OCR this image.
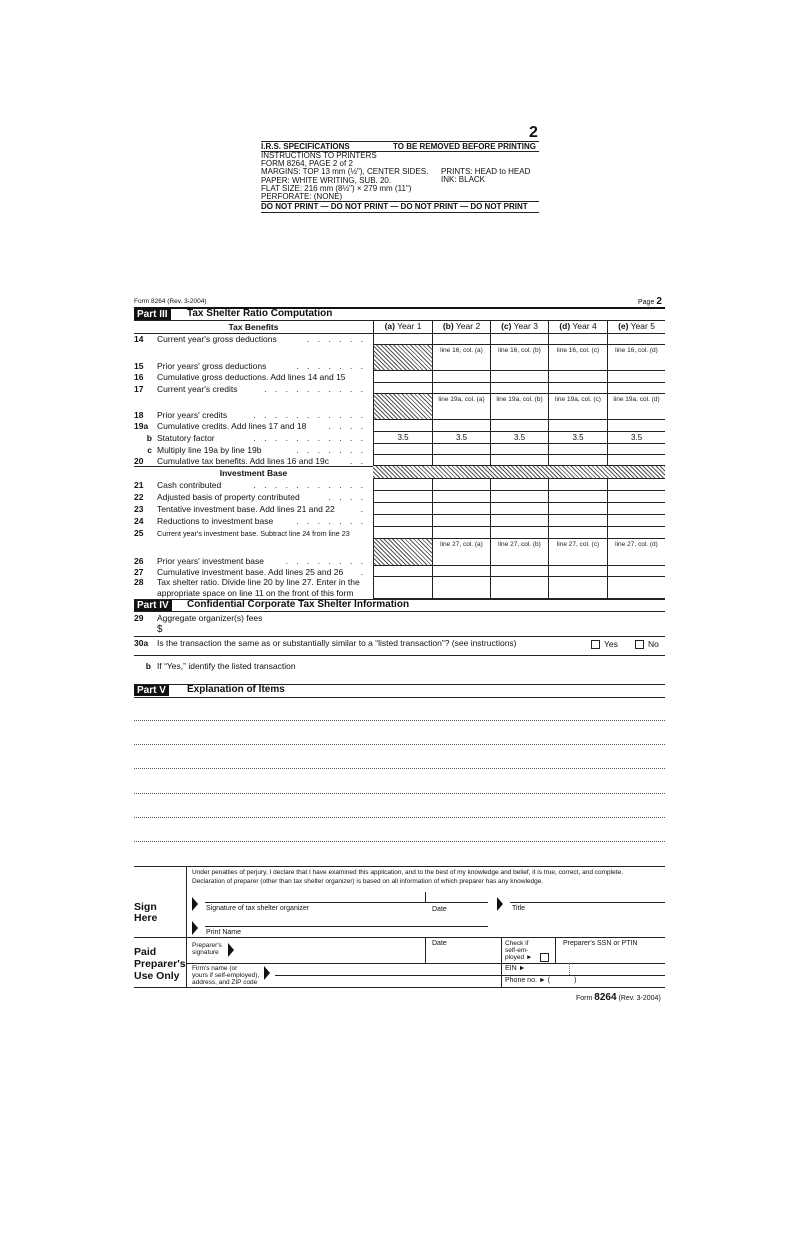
2
I.R.S. SPECIFICATIONS	TO BE REMOVED BEFORE PRINTING
INSTRUCTIONS TO PRINTERS
FORM 8264, PAGE 2 of 2
MARGINS: TOP 13 mm (½"), CENTER SIDES.
PAPER: WHITE WRITING, SUB. 20.
FLAT SIZE: 216 mm (8½") × 279 mm (11")
PERFORATE: (NONE)
PRINTS: HEAD to HEAD
INK: BLACK
DO NOT PRINT — DO NOT PRINT — DO NOT PRINT — DO NOT PRINT
Form 8264 (Rev. 3-2004)	Page 2
Part III	Tax Shelter Ratio Computation
Tax Benefits	(a) Year 1	(b) Year 2	(c) Year 3	(d) Year 4	(e) Year 5
14 Current year's gross deductions	. . . . . .
15 Prior years' gross deductions	. . . . . . .
line 16, col. (a)	line 16, col. (b)	line 16, col. (c)	line 16, col. (d)
16 Cumulative gross deductions. Add lines 14 and 15
17 Current year's credits	. . . . . . . . . .
18 Prior years' credits	. . . . . . . . . . .
line 19a, col. (a)	line 19a, col. (b)	line 19a, col. (c)	line 19a, col. (d)
19a Cumulative credits. Add lines 17 and 18	. . . .
b Statutory factor	. . . . . . . . . . .	3.5	3.5	3.5	3.5	3.5
c Multiply line 19a by line 19b	. . . . . . .
20 Cumulative tax benefits. Add lines 16 and 19c . .
21 Cash contributed	. . . . . . . . . . .
22 Adjusted basis of property contributed	. . . .
23 Tentative investment base. Add lines 21 and 22	.
24 Reductions to investment base	. . . . . . .
25 Current year's investment base. Subtract line 24 from line 23
26 Prior years' investment base	. . . . . . . .
line 27, col. (a)	line 27, col. (b)	line 27, col. (c)	line 27, col. (d)
27 Cumulative investment base. Add lines 25 and 26 .
28 Tax shelter ratio. Divide line 20 by line 27. Enter in the

appropriate space on line 11 on the front of this form
Investment Base
Part IV	Confidential Corporate Tax Shelter Information
29 Aggregate organizer(s) fees
$
30a Is the transaction the same as or substantially similar to a “listed transaction”? (see instructions)	Yes	No
b If “Yes,” identify the listed transaction
Part V	Explanation of Items
Sign
Here
Under penalties of perjury, I declare that I have examined this application, and to the best of my knowledge and belief, it is true, correct, and complete.
Declaration of preparer (other than tax shelter organizer) is based on all information of which preparer has any knowledge.
Signature of tax shelter organizer	Date	Title
Print Name
Paid
Preparer's
Use Only
Preparer's
signature
Date	Check if
self-em-
ployed ►
Preparer's SSN or PTIN
Firm's name (or
yours if self-employed),
address, and ZIP code
EIN ►
Phone no. ► (	)
Form 8264 (Rev. 3-2004)
